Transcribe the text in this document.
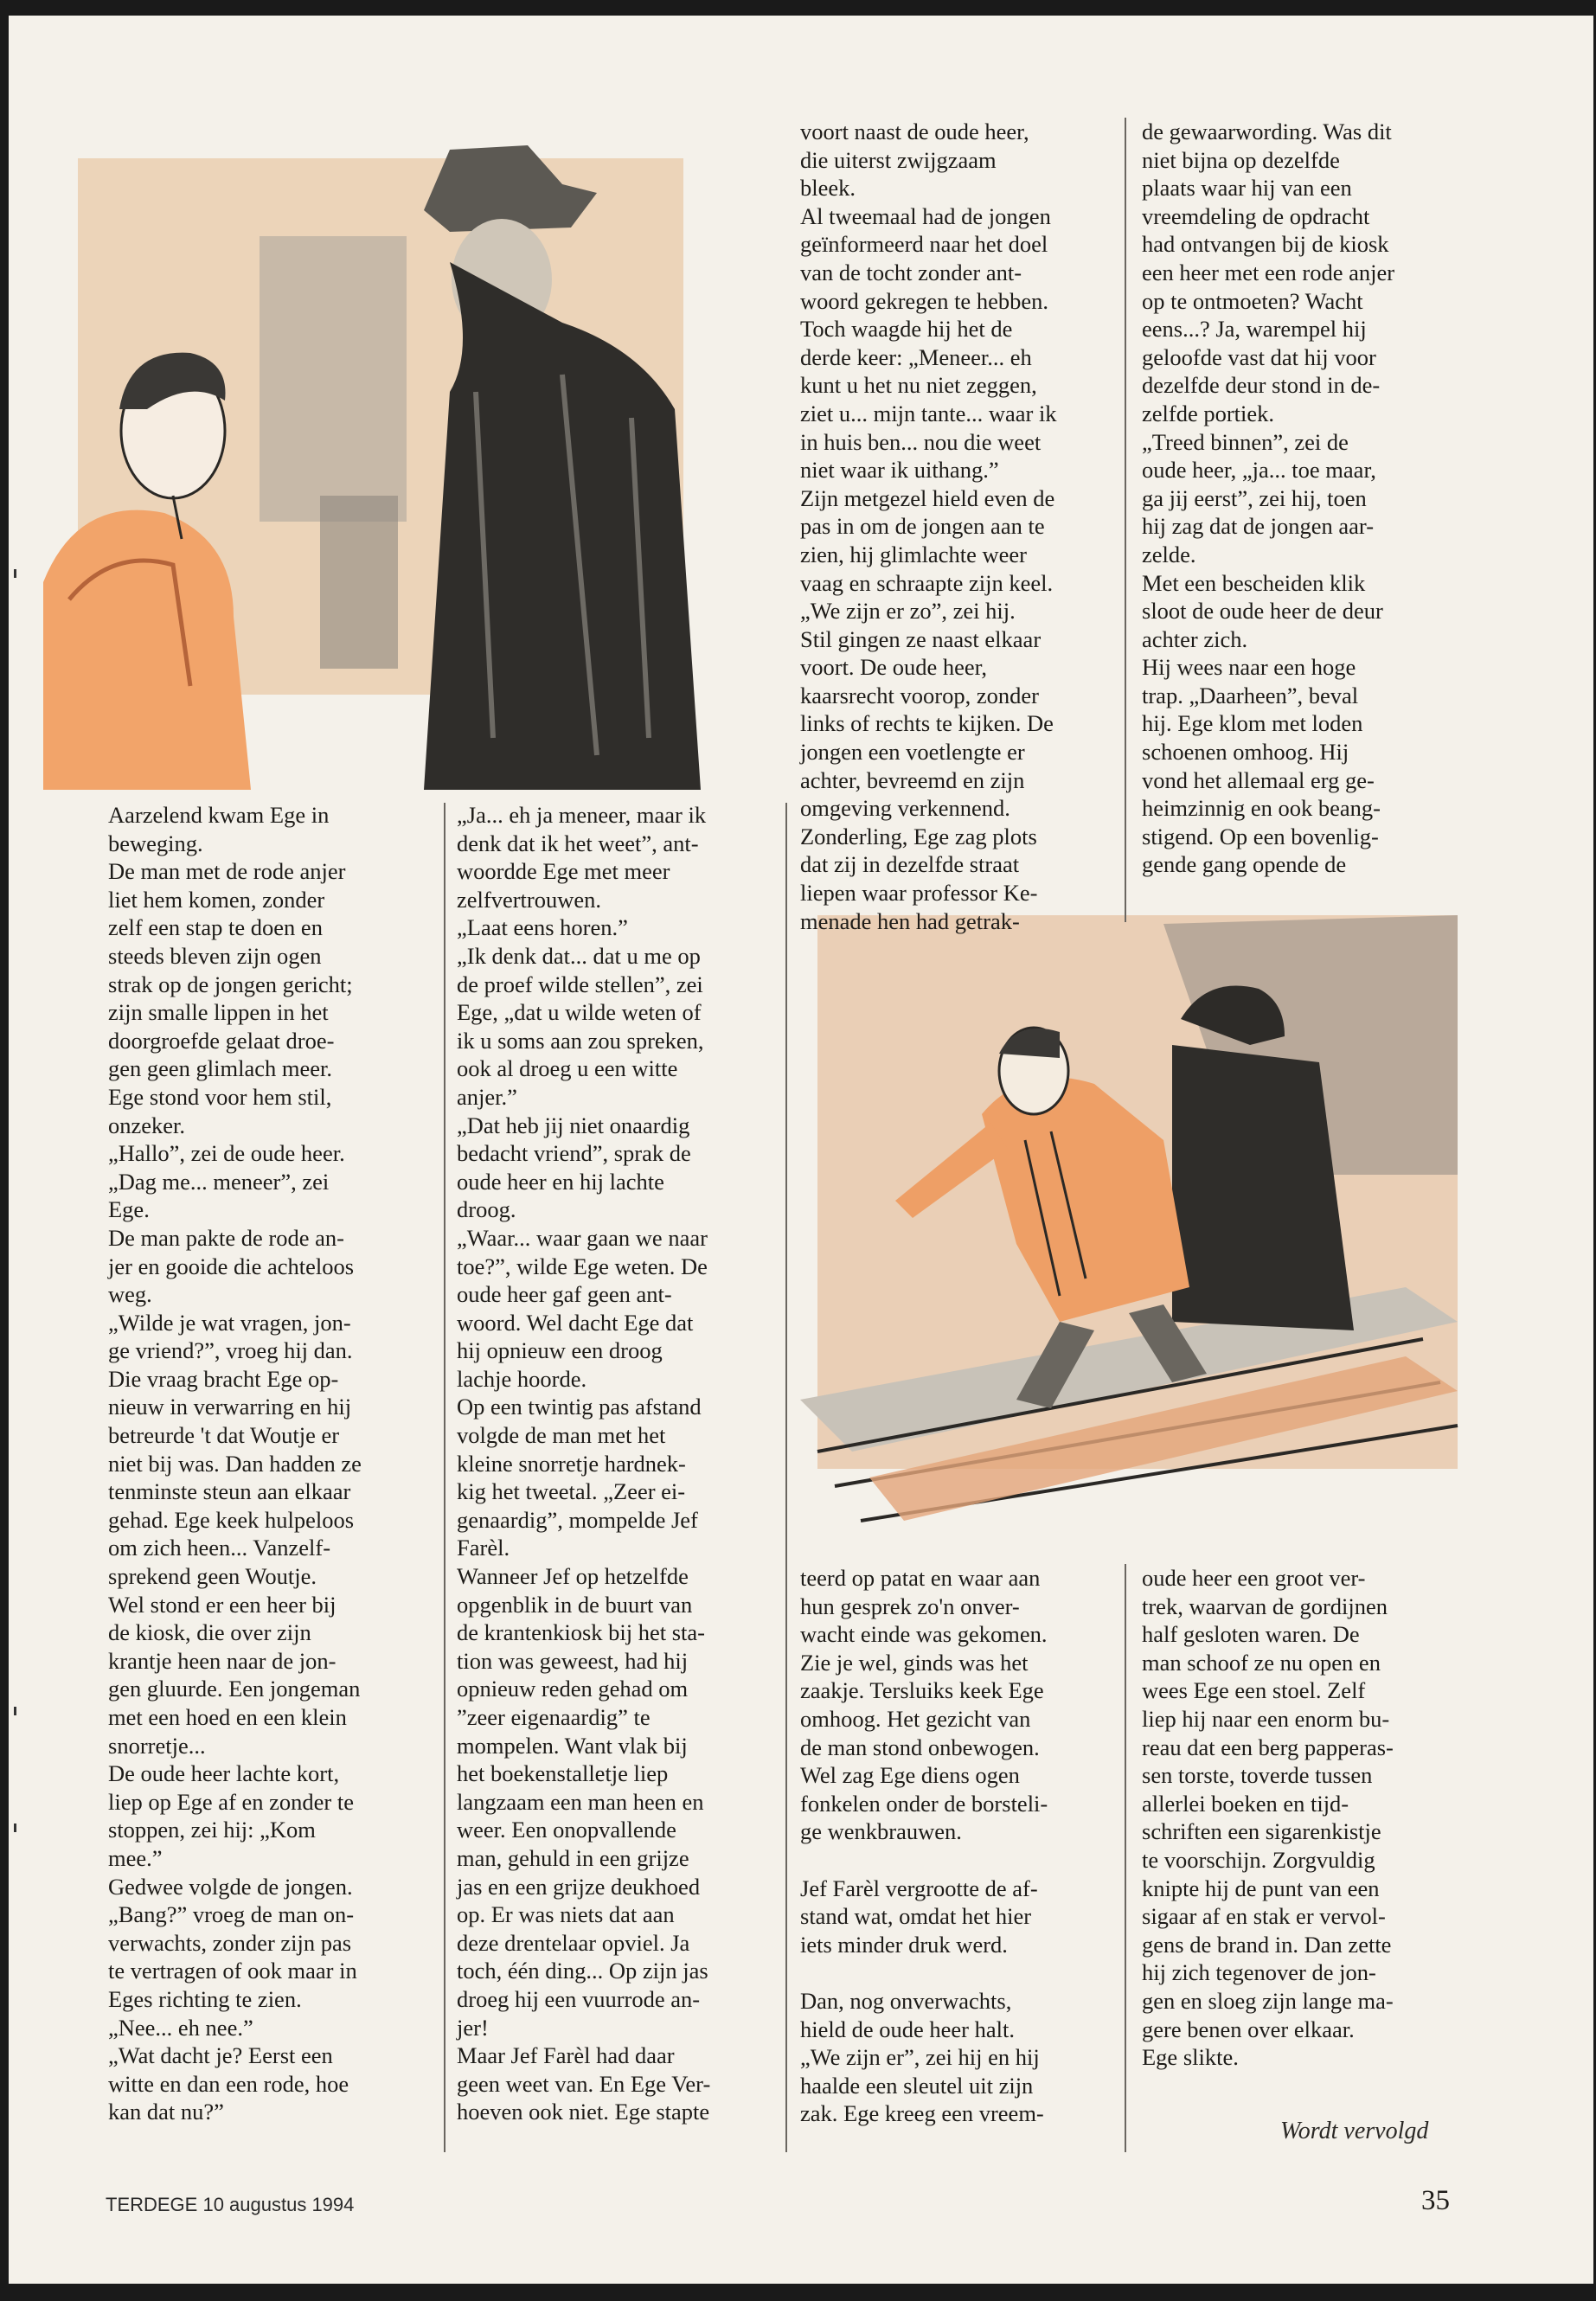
Aarzelend kwam Ege in
beweging.
De man met de rode anjer
liet hem komen, zonder
zelf een stap te doen en
steeds bleven zijn ogen
strak op de jongen gericht;
zijn smalle lippen in het
doorgroefde gelaat droe-
gen geen glimlach meer.
Ege stond voor hem stil,
onzeker.
„Hallo”, zei de oude heer.
„Dag me... meneer”, zei
Ege.
De man pakte de rode an-
jer en gooide die achteloos
weg.
„Wilde je wat vragen, jon-
ge vriend?”, vroeg hij dan.
Die vraag bracht Ege op-
nieuw in verwarring en hij
betreurde 't dat Woutje er
niet bij was. Dan hadden ze
tenminste steun aan elkaar
gehad. Ege keek hulpeloos
om zich heen... Vanzelf-
sprekend geen Woutje.
Wel stond er een heer bij
de kiosk, die over zijn
krantje heen naar de jon-
gen gluurde. Een jongeman
met een hoed en een klein
snorretje...
De oude heer lachte kort,
liep op Ege af en zonder te
stoppen, zei hij: „Kom
mee.”
Gedwee volgde de jongen.
„Bang?” vroeg de man on-
verwachts, zonder zijn pas
te vertragen of ook maar in
Eges richting te zien.
„Nee... eh nee.”
„Wat dacht je? Eerst een
witte en dan een rode, hoe
kan dat nu?”
„Ja... eh ja meneer, maar ik
denk dat ik het weet”, ant-
woordde Ege met meer
zelfvertrouwen.
„Laat eens horen.”
„Ik denk dat... dat u me op
de proef wilde stellen”, zei
Ege, „dat u wilde weten of
ik u soms aan zou spreken,
ook al droeg u een witte
anjer.”
„Dat heb jij niet onaardig
bedacht vriend”, sprak de
oude heer en hij lachte
droog.
„Waar... waar gaan we naar
toe?”, wilde Ege weten. De
oude heer gaf geen ant-
woord. Wel dacht Ege dat
hij opnieuw een droog
lachje hoorde.
Op een twintig pas afstand
volgde de man met het
kleine snorretje hardnek-
kig het tweetal. „Zeer ei-
genaardig”, mompelde Jef
Farèl.
Wanneer Jef op hetzelfde
opgenblik in de buurt van
de krantenkiosk bij het sta-
tion was geweest, had hij
opnieuw reden gehad om
”zeer eigenaardig” te
mompelen. Want vlak bij
het boekenstalletje liep
langzaam een man heen en
weer. Een onopvallende
man, gehuld in een grijze
jas en een grijze deukhoed
op. Er was niets dat aan
deze drentelaar opviel. Ja
toch, één ding... Op zijn jas
droeg hij een vuurrode an-
jer!
Maar Jef Farèl had daar
geen weet van. En Ege Ver-
hoeven ook niet. Ege stapte
voort naast de oude heer,
die uiterst zwijgzaam
bleek.
Al tweemaal had de jongen
geïnformeerd naar het doel
van de tocht zonder ant-
woord gekregen te hebben.
Toch waagde hij het de
derde keer: „Meneer... eh
kunt u het nu niet zeggen,
ziet u... mijn tante... waar ik
in huis ben... nou die weet
niet waar ik uithang.”
Zijn metgezel hield even de
pas in om de jongen aan te
zien, hij glimlachte weer
vaag en schraapte zijn keel.
„We zijn er zo”, zei hij.
Stil gingen ze naast elkaar
voort. De oude heer,
kaarsrecht voorop, zonder
links of rechts te kijken. De
jongen een voetlengte er
achter, bevreemd en zijn
omgeving verkennend.
Zonderling, Ege zag plots
dat zij in dezelfde straat
liepen waar professor Ke-
menade hen had getrak-
de gewaarwording. Was dit
niet bijna op dezelfde
plaats waar hij van een
vreemdeling de opdracht
had ontvangen bij de kiosk
een heer met een rode anjer
op te ontmoeten? Wacht
eens...? Ja, warempel hij
geloofde vast dat hij voor
dezelfde deur stond in de-
zelfde portiek.
„Treed binnen”, zei de
oude heer, „ja... toe maar,
ga jij eerst”, zei hij, toen
hij zag dat de jongen aar-
zelde.
Met een bescheiden klik
sloot de oude heer de deur
achter zich.
Hij wees naar een hoge
trap. „Daarheen”, beval
hij. Ege klom met loden
schoenen omhoog. Hij
vond het allemaal erg ge-
heimzinnig en ook beang-
stigend. Op een bovenlig-
gende gang opende de
teerd op patat en waar aan
hun gesprek zo'n onver-
wacht einde was gekomen.
Zie je wel, ginds was het
zaakje. Tersluiks keek Ege
omhoog. Het gezicht van
de man stond onbewogen.
Wel zag Ege diens ogen
fonkelen onder de borsteli-
ge wenkbrauwen.

Jef Farèl vergrootte de af-
stand wat, omdat het hier
iets minder druk werd.

Dan, nog onverwachts,
hield de oude heer halt.
„We zijn er”, zei hij en hij
haalde een sleutel uit zijn
zak. Ege kreeg een vreem-
oude heer een groot ver-
trek, waarvan de gordijnen
half gesloten waren. De
man schoof ze nu open en
wees Ege een stoel. Zelf
liep hij naar een enorm bu-
reau dat een berg papperas-
sen torste, toverde tussen
allerlei boeken en tijd-
schriften een sigarenkistje
te voorschijn. Zorgvuldig
knipte hij de punt van een
sigaar af en stak er vervol-
gens de brand in. Dan zette
hij zich tegenover de jon-
gen en sloeg zijn lange ma-
gere benen over elkaar.
Ege slikte.
Wordt vervolgd
TERDEGE 10 augustus 1994	35
